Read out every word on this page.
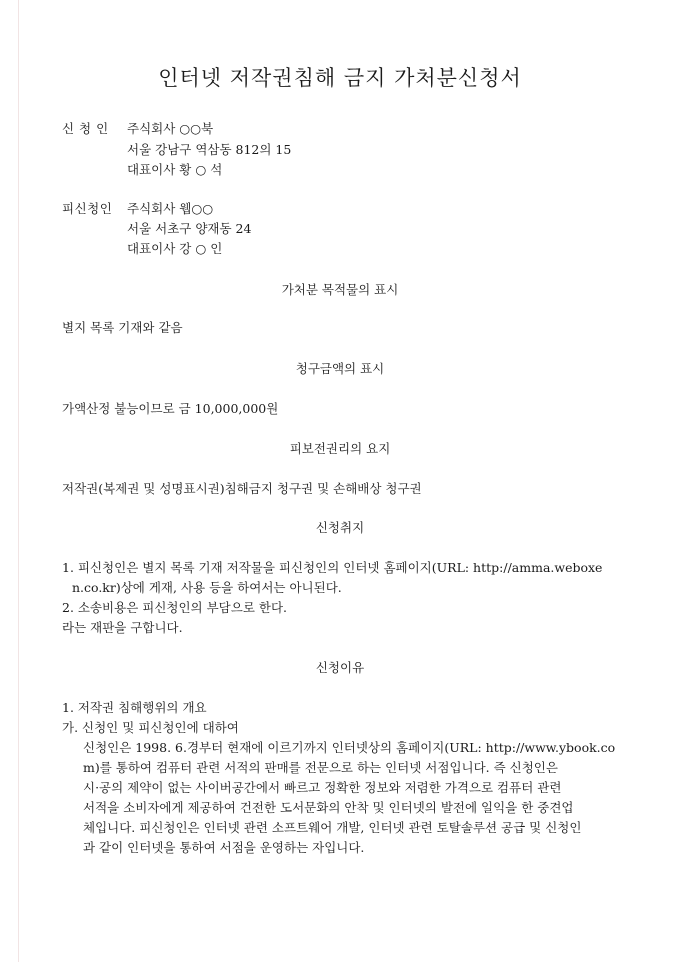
인터넷 저작권침해 금지 가처분신청서
신 청 인 주식회사 ○○북
서울 강남구 역삼동 812의 15
대표이사 황 ○ 석
피신청인 주식회사 웹○○
서울 서초구 양재동 24
대표이사 강 ○ 인
가처분 목적물의 표시
별지 목록 기재와 같음
청구금액의 표시
가액산정 불능이므로 금 10,000,000원
피보전권리의 요지
저작권(복제권 및 성명표시권)침해금지 청구권 및 손해배상 청구권
신청취지
1. 피신청인은 별지 목록 기재 저작물을 피신청인의 인터넷 홈페이지(URL: http://amma.weboxe
n.co.kr)상에 게재, 사용 등을 하여서는 아니된다.
2. 소송비용은 피신청인의 부담으로 한다.
라는 재판을 구합니다.
신청이유
1. 저작권 침해행위의 개요
가. 신청인 및 피신청인에 대하여
신청인은 1998. 6.경부터 현재에 이르기까지 인터넷상의 홈페이지(URL: http://www.ybook.co
m)를 통하여 컴퓨터 관련 서적의 판매를 전문으로 하는 인터넷 서점입니다. 즉 신청인은
시·공의 제약이 없는 사이버공간에서 빠르고 정확한 정보와 저렴한 가격으로 컴퓨터 관련
서적을 소비자에게 제공하여 건전한 도서문화의 안착 및 인터넷의 발전에 일익을 한 중견업
체입니다. 피신청인은 인터넷 관련 소프트웨어 개발, 인터넷 관련 토탈솔루션 공급 및 신청인
과 같이 인터넷을 통하여 서점을 운영하는 자입니다.
